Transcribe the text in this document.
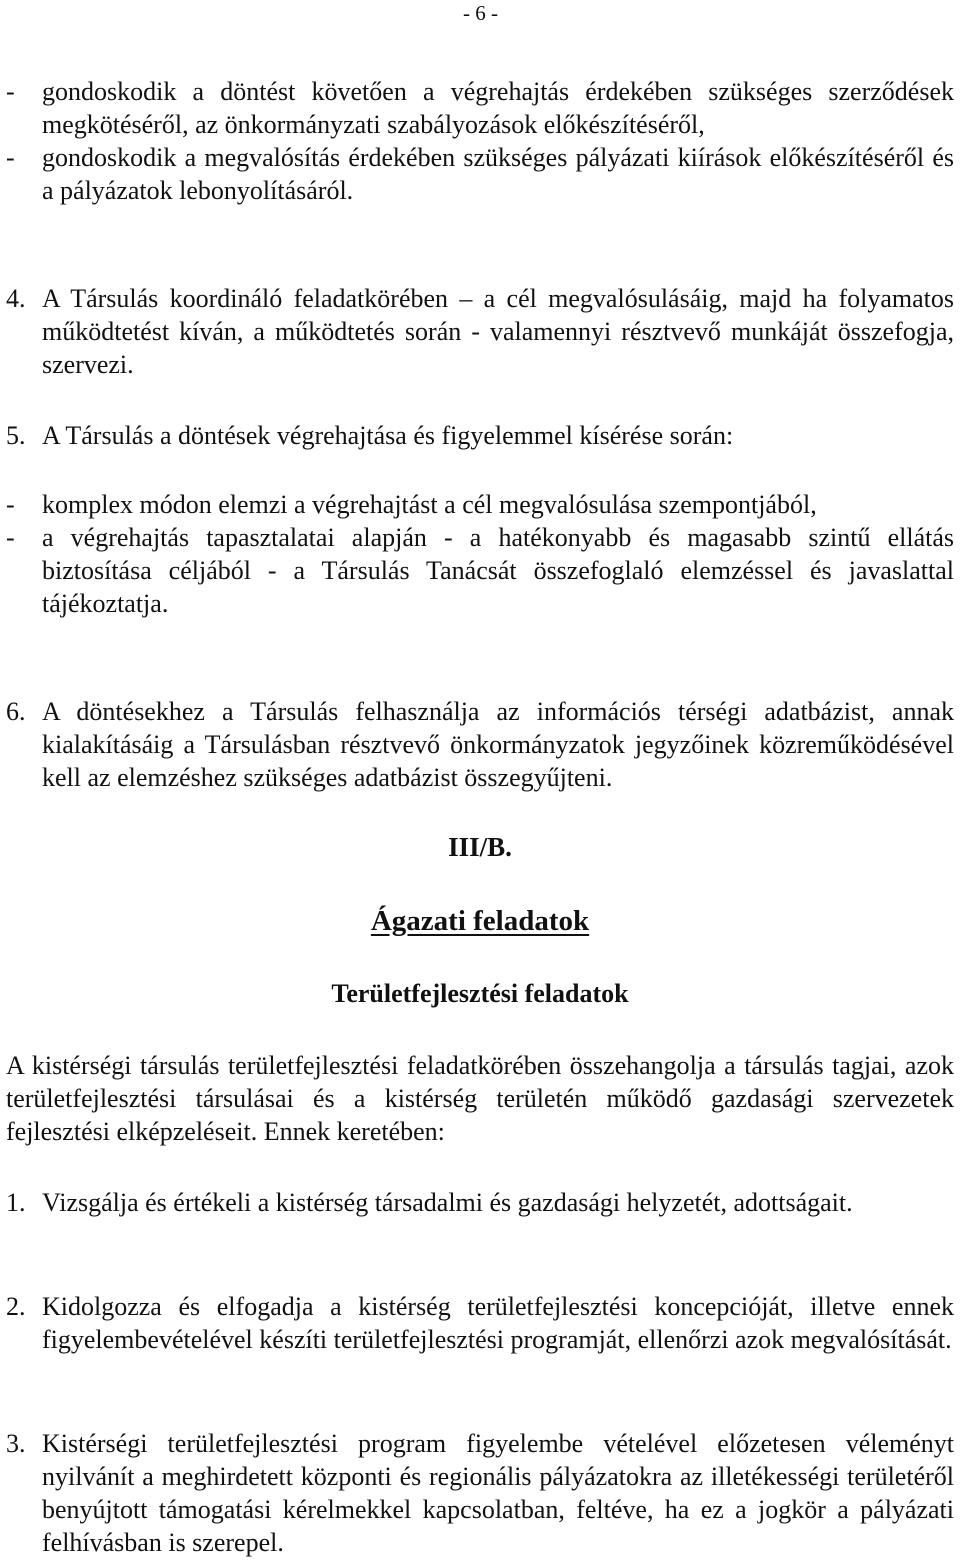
- 6 -
-	gondoskodik a döntést követően a végrehajtás érdekében szükséges szerződések megkötéséről, az önkormányzati szabályozások előkészítéséről,
-	gondoskodik a megvalósítás érdekében szükséges pályázati kiírások előkészítéséről és a pályázatok lebonyolításáról.
4. A Társulás koordináló feladatkörében – a cél megvalósulásáig, majd ha folyamatos működtetést kíván, a működtetés során - valamennyi résztvevő munkáját összefogja, szervezi.
5. A Társulás a döntések végrehajtása és figyelemmel kísérése során:
-	komplex módon elemzi a végrehajtást a cél megvalósulása szempontjából,
-	a végrehajtás tapasztalatai alapján - a hatékonyabb és magasabb szintű ellátás biztosítása céljából - a Társulás Tanácsát összefoglaló elemzéssel és javaslattal tájékoztatja.
6. A döntésekhez a Társulás felhasználja az információs térségi adatbázist, annak kialakításáig a Társulásban résztvevő önkormányzatok jegyzőinek közreműködésével kell az elemzéshez szükséges adatbázist összegyűjteni.
III/B.
Ágazati feladatok
Területfejlesztési feladatok
A kistérségi társulás területfejlesztési feladatkörében összehangolja a társulás tagjai, azok területfejlesztési társulásai és a kistérség területén működő gazdasági szervezetek fejlesztési elképzeléseit. Ennek keretében:
1. Vizsgálja és értékeli a kistérség társadalmi és gazdasági helyzetét, adottságait.
2. Kidolgozza és elfogadja a kistérség területfejlesztési koncepcióját, illetve ennek figyelembevételével készíti területfejlesztési programját, ellenőrzi azok megvalósítását.
3. Kistérségi területfejlesztési program figyelembe vételével előzetesen véleményt nyilvánít a meghirdetett központi és regionális pályázatokra az illetékességi területéről benyújtott támogatási kérelmekkel kapcsolatban, feltéve, ha ez a jogkör a pályázati felhívásban is szerepel.
